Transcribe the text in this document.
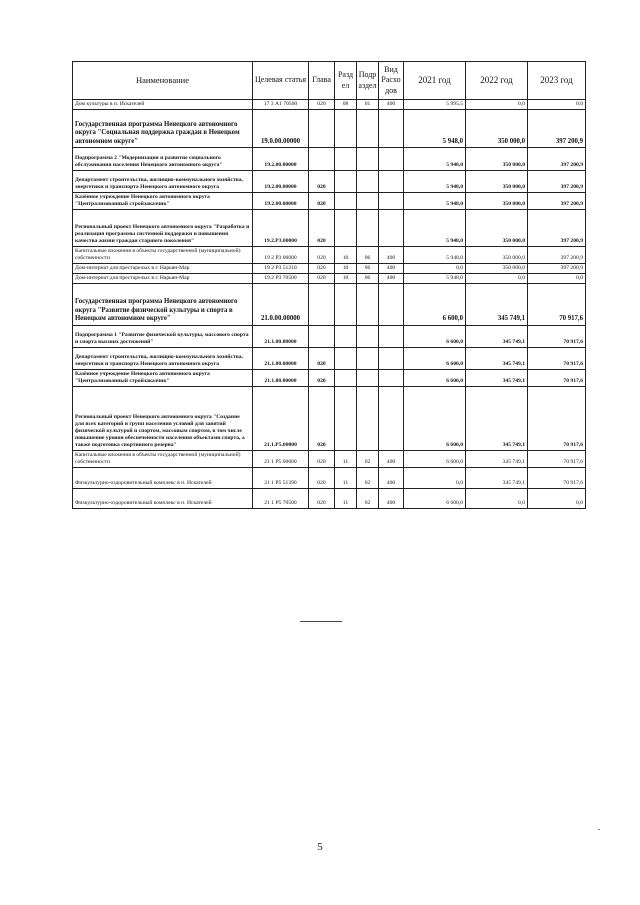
Наименование	Целевая статья	Глава	Разд ел	Подр аздел	Вид Расхо дов	2021 год	2022 год	2023 год
Дом культуры в п. Искателей	17 3 А1 70500	020	08	01	400	5 995,5	0,0	0,0
Государственная программа Ненецкого автономного округа "Социальная поддержка граждан в Ненецком автономном округе"	19.0.00.00000					5 948,0	350 000,0	397 200,9
Подпрограмма 2 "Модернизация и развитие социального обслуживания населения Ненецкого автономного округа"	19.2.00.00000					5 948,0	350 000,0	397 200,9
Департамент строительства, жилищно-коммунального хозяйства, энергетики и транспорта Ненецкого автономного округа	19.2.00.00000	020				5 948,0	350 000,0	397 200,9
Казённое учреждение Ненецкого автономного округа "Централизованный стройзаказчик"	19.2.00.00000	020				5 948,0	350 000,0	397 200,9
Региональный проект Ненецкого автономного округа "Разработка и реализация программы системной поддержки и повышения качества жизни граждан старшего поколения"	19.2.P3.00000	020				5 948,0	350 000,0	397 200,9
Капитальные вложения в объекты государственной (муниципальной) собственности	19 2 P3 00000	020	10	06	400	5 948,0	350 000,0	397 200,9
Дом-интернат для престарелых в г. Нарьян-Мар	19 2 P3 51210	020	10	06	400	0,0	350 000,0	397 200,9
Дом-интернат для престарелых в г. Нарьян-Мар	19.2 P3 70500	020	10	06	400	5 948,0	0,0	0,0
Государственная программа Ненецкого автономного округа "Развитие физической культуры и спорта в Ненецком автономном округе"	21.0.00.00000					6 600,0	345 749,1	70 917,6
Подпрограмма 1 "Развитие физической культуры, массового спорта и спорта высших достижений"	21.1.00.00000					6 600,0	345 749,1	70 917,6
Департамент строительства, жилищно-коммунального хозяйства, энергетики и транспорта Ненецкого автономного округа	21.1.00.00000	020				6 600,0	345 749,1	70 917,6
Казённое учреждение Ненецкого автономного округа "Централизованный стройзаказчик"	21.1.00.00000	020				6 600,0	345 749,1	70 917,6
Региональный проект Ненецкого автономного округа "Создание для всех категорий и групп населения условий для занятий физической культурой и спортом, массовым спортом, в том числе повышение уровня обеспеченности населения объектами спорта, а также подготовка спортивного резерва"	21.1.P5.00000	020				6 600,0	345 749,1	70 917,6
Капитальные вложения в объекты государственной (муниципальной) собственности	21 1 P5 00000	020	11	02	400	6 600,0	345 749,1	70 917,6
Физкультурно-оздоровительный комплекс в п. Искателей	21 1 P5 51390	020	11	02	400	0,0	345 749,1	70 917,6
Физкультурно-оздоровительный комплекс в п. Искателей	21 1 P5 70500	020	11	02	400	6 600,0	0,0	0,0
5
